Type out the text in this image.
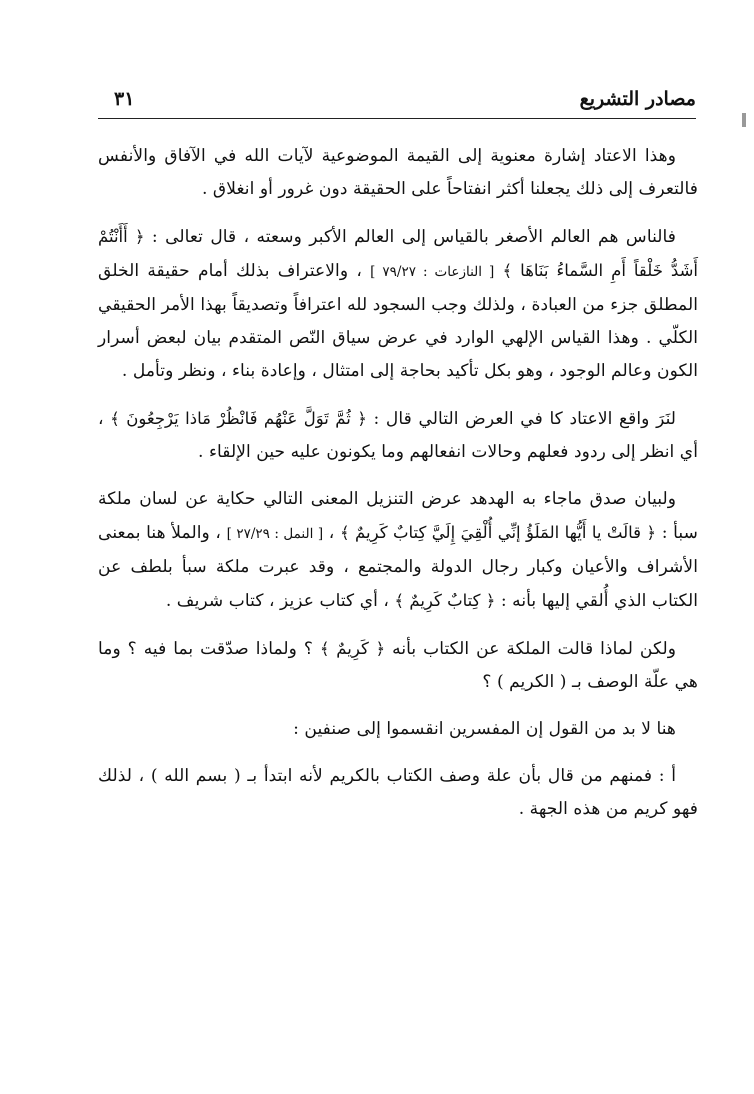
مصادر التشريع
٣١

وهذا الاعتاد إشارة معنوية إلى القيمة الموضوعية لآيات الله في الآفاق والأنفس فالتعرف إلى ذلك يجعلنا أكثر انفتاحاً على الحقيقة دون غرور أو انغلاق .

فالناس هم العالم الأصغر بالقياس إلى العالم الأكبر وسعته ، قال تعالى : ﴿ أَأَنْتُمْ أَشَدُّ خَلْقاً أَمِ السَّماءُ بَنَاهَا ﴾ [ النازعات : ٧٩/٢٧ ] ، والاعتراف بذلك أمام حقيقة الخلق المطلق جزء من العبادة ، ولذلك وجب السجود لله اعترافاً وتصديقاً بهذا الأمر الحقيقي الكلّي . وهذا القياس الإلهي الوارد في عرض سياق النّص المتقدم بيان لبعض أسرار الكون وعالم الوجود ، وهو بكل تأكيد بحاجة إلى امتثال ، وإعادة بناء ، ونظر وتأمل .

لنَرَ واقع الاعتاد كا في العرض التالي قال : ﴿ ثُمَّ تَوَلَّ عَنْهُم فَانْظُرْ مَاذا يَرْجِعُونَ ﴾ ، أي انظر إلى ردود فعلهم وحالات انفعالهم وما يكونون عليه حين الإلقاء .

ولبيان صدق ماجاء به الهدهد عرض التنزيل المعنى التالي حكاية عن لسان ملكة سبأ : ﴿ قالَتْ يا أَيُّها المَلَؤُ إنِّي أُلْقِيَ إِلَيَّ كِتابٌ كَرِيمٌ ﴾ ، [ النمل : ٢٧/٢٩ ] ، والملأ هنا بمعنى الأشراف والأعيان وكبار رجال الدولة والمجتمع ، وقد عبرت ملكة سبأ بلطف عن الكتاب الذي أُلقي إليها بأنه : ﴿ كِتابٌ كَرِيمٌ ﴾ ، أي كتاب عزيز ، كتاب شريف .

ولكن لماذا قالت الملكة عن الكتاب بأنه ﴿ كَرِيمٌ ﴾ ؟ ولماذا صدّقت بما فيه ؟ وما هي علّة الوصف بـ ( الكريم ) ؟

هنا لا بد من القول إن المفسرين انقسموا إلى صنفين :

أ : فمنهم من قال بأن علة وصف الكتاب بالكريم لأنه ابتدأ بـ ( بسم الله ) ، لذلك فهو كريم من هذه الجهة .
